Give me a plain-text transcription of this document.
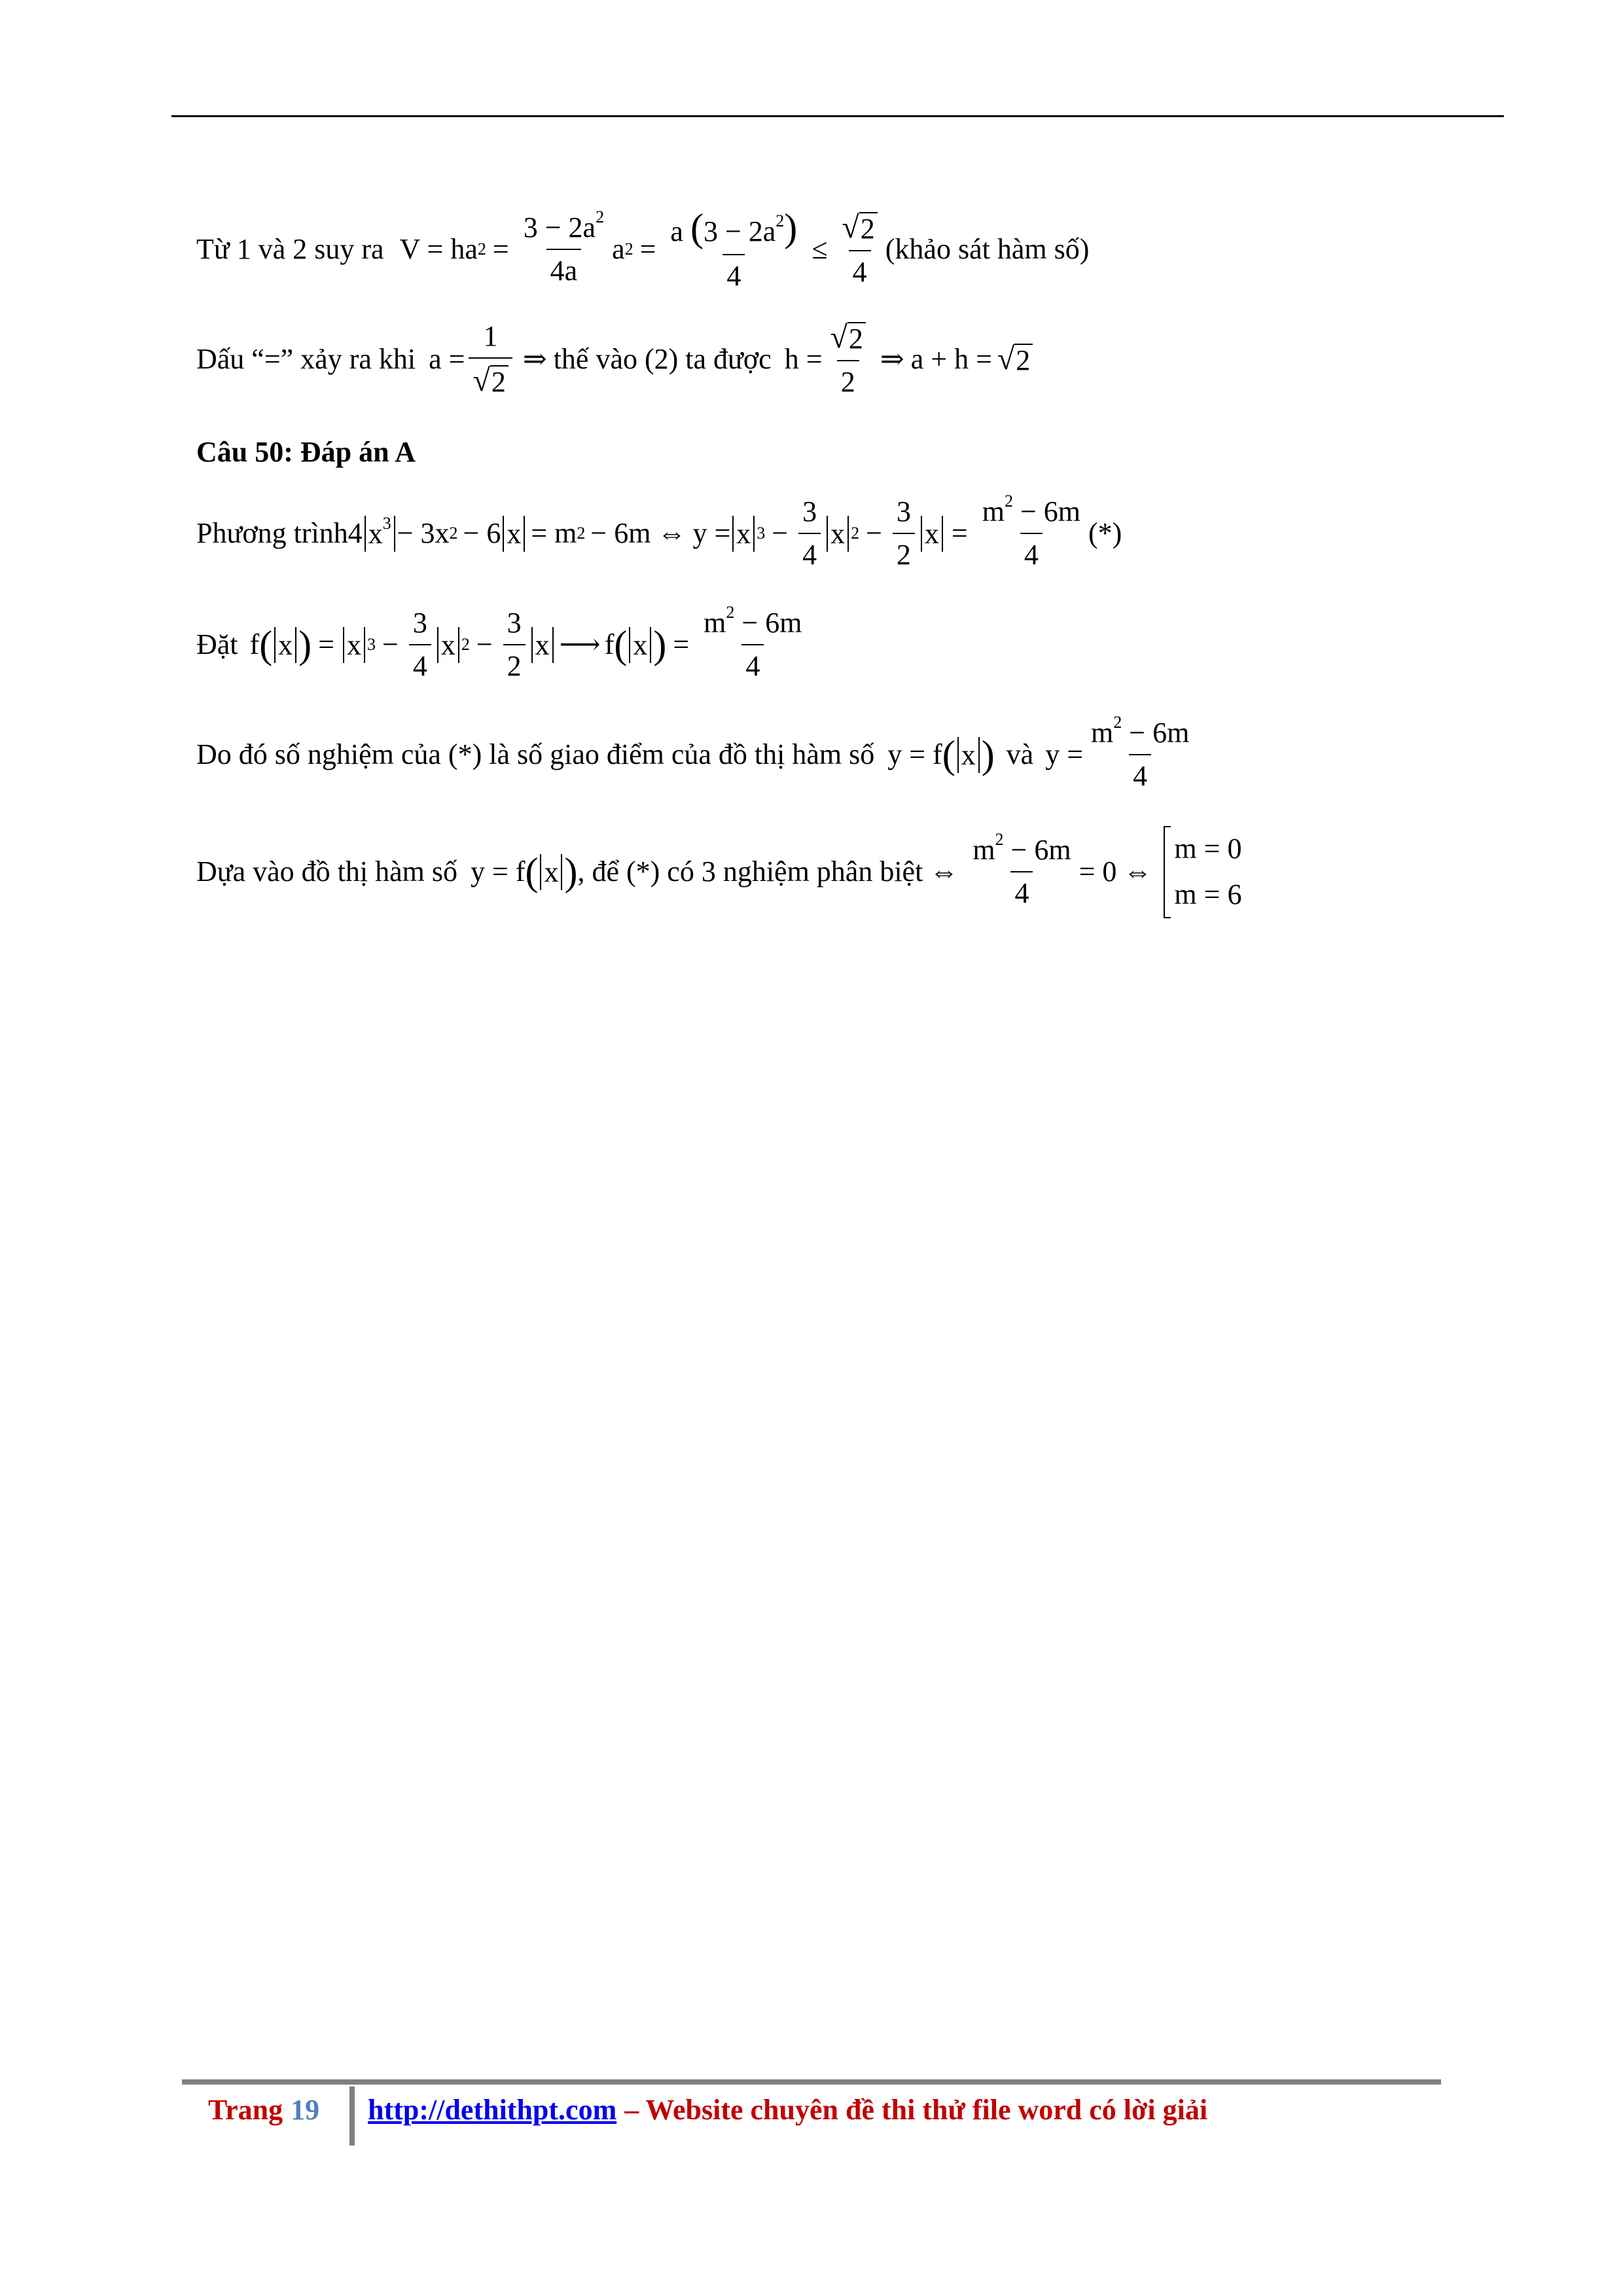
Từ 1 và 2 suy ra V = ha $2 = \frac{3 - 2a^2}{4a}$ a $2 = \frac{a (3 - 2a^2)}{4} \le \frac{√ 2}{4}$ (khảo sát hàm số)
Dấu “=” xảy ra khi $a = \frac{1}{√ 2}$ ⇒ thế vào (2) ta được $h = \frac{√ 2}{2}$ ⇒ a + h = √ 2
Câu 50: Đáp án A
Phương trình 4 $x^3 - 3x$ 2 − 6 x = m 2 − 6m ⇔ y = x $3 - \frac{3}{4}$ x $2 - \frac{3}{2}$ $x = \frac{m^2 - 6m}{4}$ (*)
Đặt f ( x ) = x $3 - \frac{3}{4}$ x $2 - \frac{3}{2}$ x ⟶ f ( x ) = $\frac{m^2 - 6m}{4}$
Do đó số nghiệm của (*) là số giao điểm của đồ thị hàm số y = f ( x ) và $y = \frac{m^2 - 6m}{4}$
Dựa vào đồ thị hàm số y = f ( x ) , để (*) có 3 nghiệm phân biệt ⇔ $\frac{m^2 - 6m}{4} = 0$ ⇔
m = 0
m = 6
Trang 19 http://dethithpt.com – Website chuyên đề thi thử file word có lời giải
